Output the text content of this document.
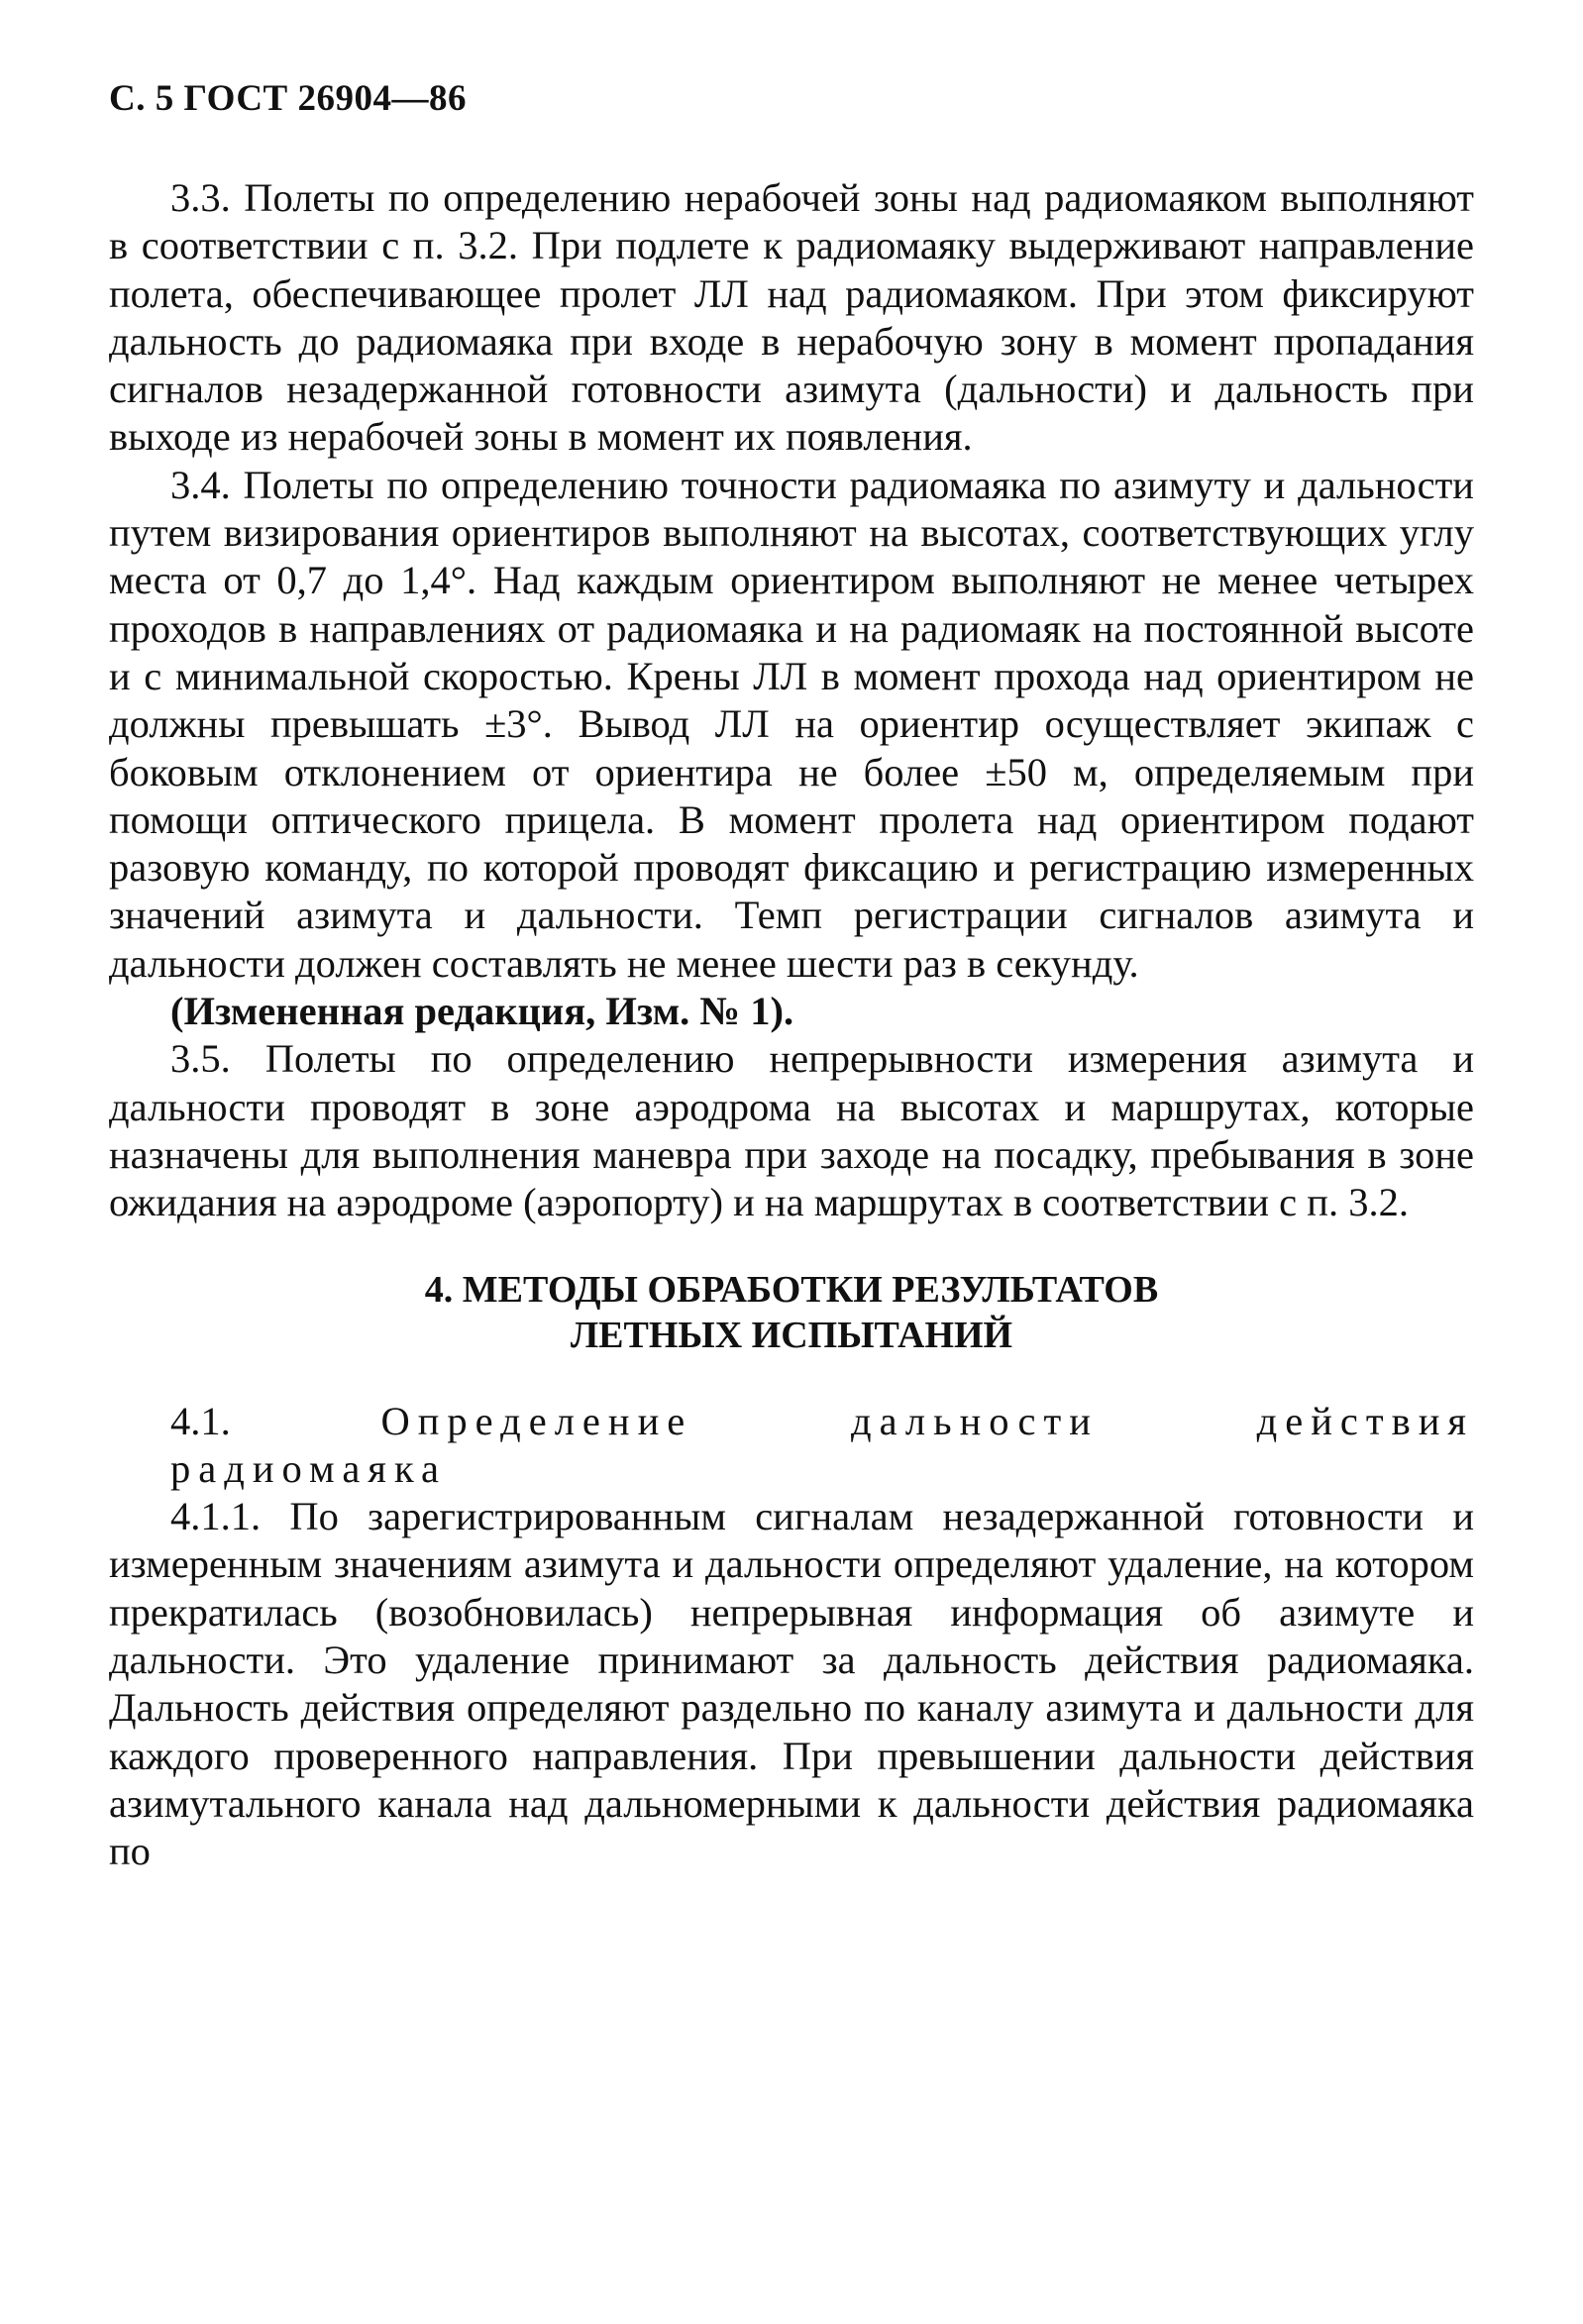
С. 5 ГОСТ 26904—86

3.3. Полеты по определению нерабочей зоны над радиомаяком выполняют в соответствии с п. 3.2. При подлете к радиомаяку выдерживают направление полета, обеспечивающее пролет ЛЛ над радиомаяком. При этом фиксируют дальность до радиомаяка при входе в нерабочую зону в момент пропадания сигналов незадержанной готовности азимута (дальности) и дальность при выходе из нерабочей зоны в момент их появления.

3.4. Полеты по определению точности радиомаяка по азимуту и дальности путем визирования ориентиров выполняют на высотах, соответствующих углу места от 0,7 до 1,4°. Над каждым ориентиром выполняют не менее четырех проходов в направлениях от радиомаяка и на радиомаяк на постоянной высоте и с минимальной скоростью. Крены ЛЛ в момент прохода над ориентиром не должны превышать ±3°. Вывод ЛЛ на ориентир осуществляет экипаж с боковым отклонением от ориентира не более ±50 м, определяемым при помощи оптического прицела. В момент пролета над ориентиром подают разовую команду, по которой проводят фиксацию и регистрацию измеренных значений азимута и дальности. Темп регистрации сигналов азимута и дальности должен составлять не менее шести раз в секунду.

(Измененная редакция, Изм. № 1).

3.5. Полеты по определению непрерывности измерения азимута и дальности проводят в зоне аэродрома на высотах и маршрутах, которые назначены для выполнения маневра при заходе на посадку, пребывания в зоне ожидания на аэродроме (аэропорту) и на маршрутах в соответствии с п. 3.2.

4. МЕТОДЫ ОБРАБОТКИ РЕЗУЛЬТАТОВ
ЛЕТНЫХ ИСПЫТАНИЙ

4.1.	Определение дальности действия

радиомаяка

4.1.1. По зарегистрированным сигналам незадержанной готовности и измеренным значениям азимута и дальности определяют удаление, на котором прекратилась (возобновилась) непрерывная информация об азимуте и дальности. Это удаление принимают за дальность действия радиомаяка. Дальность действия определяют раздельно по каналу азимута и дальности для каждого проверенного направления. При превышении дальности действия азимутального канала над дальномерными к дальности действия радиомаяка по
